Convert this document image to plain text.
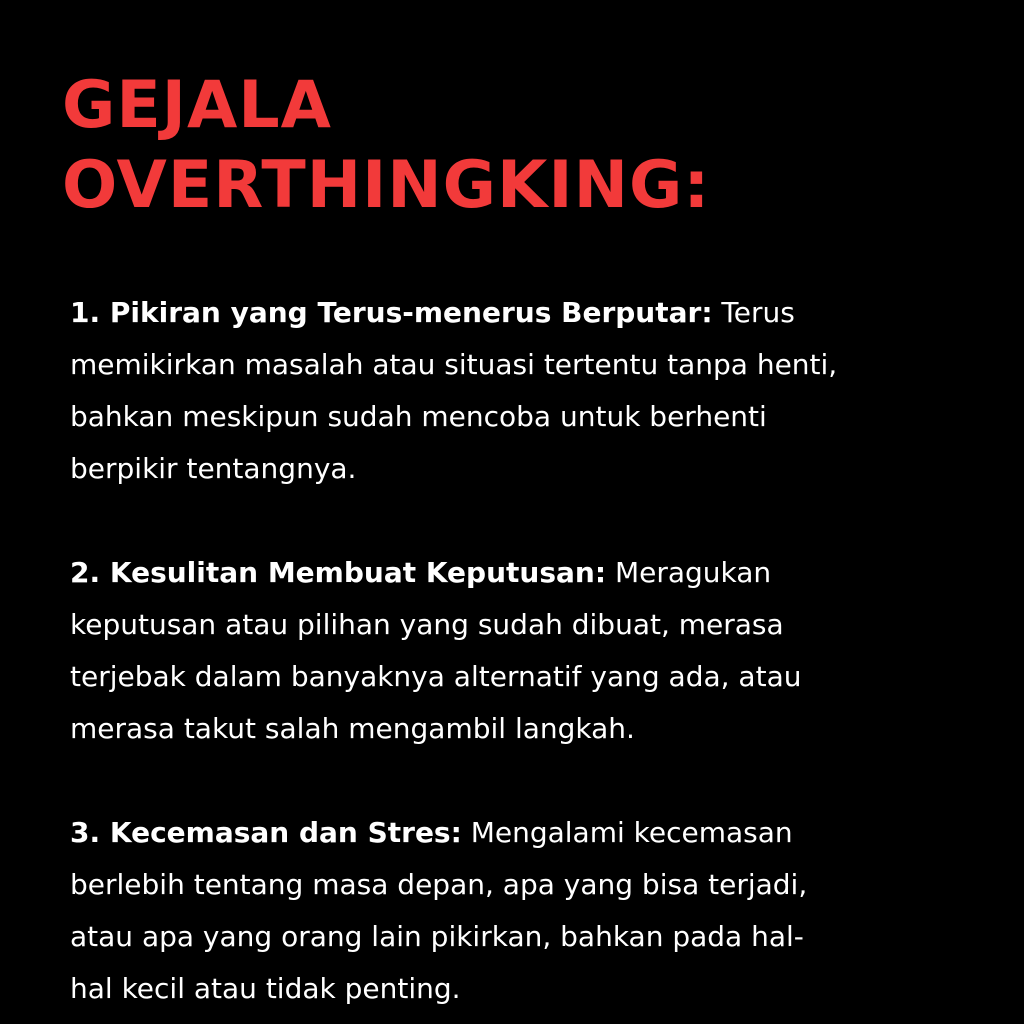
GEJALA
OVERTHINGKING:
1. Pikiran yang Terus-menerus Berputar: Terus
memikirkan masalah atau situasi tertentu tanpa henti,
bahkan meskipun sudah mencoba untuk berhenti
berpikir tentangnya.
2. Kesulitan Membuat Keputusan: Meragukan
keputusan atau pilihan yang sudah dibuat, merasa
terjebak dalam banyaknya alternatif yang ada, atau
merasa takut salah mengambil langkah.
3. Kecemasan dan Stres: Mengalami kecemasan
berlebih tentang masa depan, apa yang bisa terjadi,
atau apa yang orang lain pikirkan, bahkan pada hal-
hal kecil atau tidak penting.
